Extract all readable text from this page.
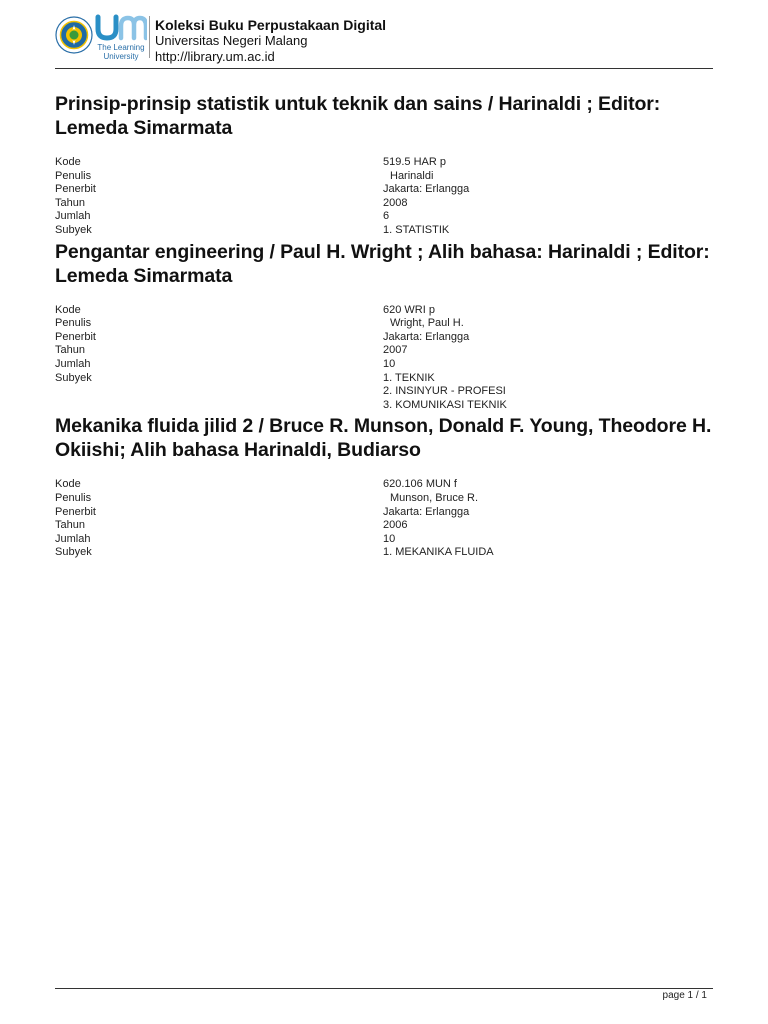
The Learning
University
Koleksi Buku Perpustakaan Digital
Universitas Negeri Malang
http://library.um.ac.id
Prinsip-prinsip statistik untuk teknik dan sains / Harinaldi ; Editor: Lemeda Simarmata
Kode	519.5 HAR p
Penulis	Harinaldi
Penerbit	Jakarta: Erlangga
Tahun	2008
Jumlah	6
Subyek	1. STATISTIK
Pengantar engineering / Paul H. Wright ; Alih bahasa: Harinaldi ; Editor: Lemeda Simarmata
Kode	620 WRI p
Penulis	Wright, Paul H.
Penerbit	Jakarta: Erlangga
Tahun	2007
Jumlah	10
Subyek	1. TEKNIK
2. INSINYUR - PROFESI
3. KOMUNIKASI TEKNIK
Mekanika fluida jilid 2 / Bruce R. Munson, Donald F. Young, Theodore H. Okiishi; Alih bahasa Harinaldi, Budiarso
Kode	620.106 MUN f
Penulis	Munson, Bruce R.
Penerbit	Jakarta: Erlangga
Tahun	2006
Jumlah	10
Subyek	1. MEKANIKA FLUIDA
page 1 / 1
